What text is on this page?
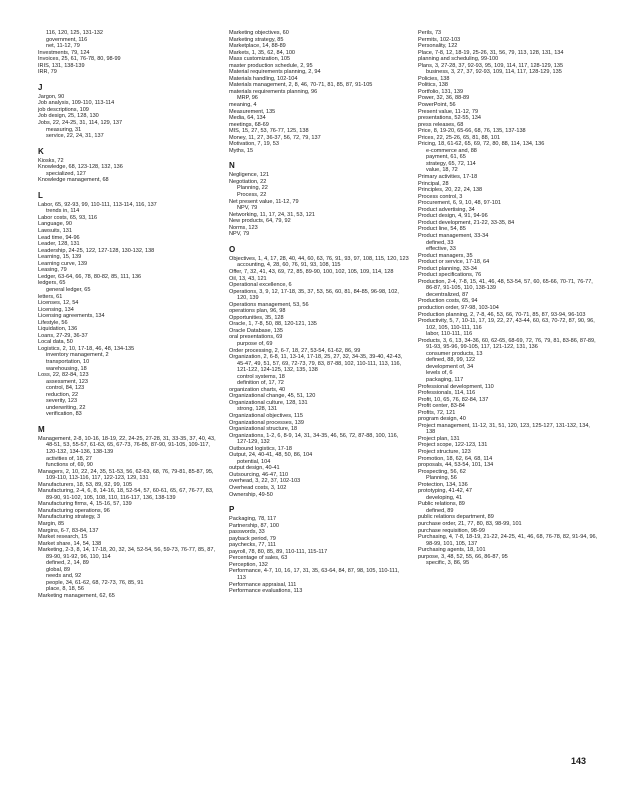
116, 120, 125, 131-132
government, 116
net, 11-12, 79
Investments, 79, 124
Invoices, 25, 61, 76-78, 80, 98-99
IRIS, 131, 138-139
IRR, 79
J
Jargon, 90
Job analysis, 109-110, 113-114
job descriptions, 109
Job design, 25, 128, 130
Jobs, 22, 24-25, 31, 114, 129, 137
measuring, 31
service, 22, 24, 31, 137
K
Kiosks, 72
Knowledge, 68, 123-128, 132, 136
specialized, 127
Knowledge management, 68
L
Labor, 65, 92-93, 99, 110-111, 113-114, 116, 137
trends in, 114
Labor costs, 65, 93, 116
Language, 90
Lawsuits, 131
Lead time, 94-96
Leader, 128, 131
Leadership, 24-25, 122, 127-128, 130-132, 138
Learning, 15, 139
Learning curve, 139
Leasing, 79
Ledger, 63-64, 66, 78, 80-82, 85, 111, 136
ledgers, 65
general ledger, 65
letters, 61
Licenses, 12, 54
Licensing, 134
Licensing agreements, 134
Lifestyle, 56
Liquidation, 136
Loans, 27-29, 36-37
Local data, 50
Logistics, 2, 10, 17-18, 46, 48, 134-135
inventory management, 2
transportation, 10
warehousing, 18
Loss, 22, 82-84, 123
assessment, 123
control, 84, 123
reduction, 22
severity, 123
underwriting, 22
verification, 83
M
Management, 2-8, 10-16, 18-19, 22, 24-25, 27-28, 31, 33-35, 37, 40, 43, 48-51, 53, 55-57, 61-63, 65, 67-73, 76-85, 87-90, 91-105, 109-117, 120-132, 134-136, 138-139
activities of, 18, 27
functions of, 69, 90
Managers, 2, 10, 22, 24, 35, 51-53, 56, 62-63, 68, 76, 79-81, 85-87, 95, 109-110, 113-116, 117, 122-123, 129, 131
Manufacturers, 18, 53, 89, 92, 99, 105
Manufacturing, 2-4, 6, 8, 14-16, 18, 52-54, 57, 60-61, 65, 67, 76-77, 83, 89-90, 91-102, 105, 108, 110, 116-117, 136, 138-139
Manufacturing firms, 4, 15-16, 57, 139
Manufacturing operations, 96
Manufacturing strategy, 3
Margin, 85
Margins, 6-7, 83-84, 137
Market research, 15
Market share, 14, 54, 138
Marketing, 2-3, 8, 14, 17-18, 20, 32, 34, 52-54, 56, 59-73, 76-77, 85, 87, 89-90, 91-92, 96, 110, 114
defined, 2, 14, 89
global, 89
needs and, 92
people, 34, 61-62, 68, 72-73, 76, 85, 91
place, 8, 18, 56
Marketing management, 62, 65
Marketing objectives, 60
Marketing strategy, 85
Marketplace, 14, 88-89
Markets, 1, 35, 62, 84, 100
Mass customization, 105
master production schedule, 2, 95
Material requirements planning, 2, 94
Materials handling, 102-104
Materials management, 2, 8, 46, 70-71, 81, 85, 87, 91-105
materials requirements planning, 96
MRP, 96
meaning, 4
Measurement, 135
Media, 64, 134
meetings, 68-69
MIS, 15, 27, 53, 76-77, 125, 138
Money, 11, 27, 36-37, 56, 72, 79, 137
Motivation, 7, 19, 53
Myths, 15
N
Negligence, 121
Negotiation, 22
Planning, 22
Process, 22
Net present value, 11-12, 79
NPV, 79
Networking, 11, 17, 24, 31, 53, 121
New products, 64, 79, 92
Norms, 123
NPV, 79
O
Objectives, 1, 4, 17, 28, 40, 44, 60, 63, 76, 91, 93, 97, 108, 115, 120, 123
accounting, 4, 28, 60, 76, 91, 93, 108, 115
Offer, 7, 32, 41, 43, 69, 72, 85, 89-90, 100, 102, 105, 109, 114, 128
Oil, 13, 43, 121
Operational excellence, 6
Operations, 3, 9, 12, 17-18, 35, 37, 53, 56, 60, 81, 84-85, 96-98, 102, 120, 139
Operations management, 53, 56
operations plan, 96, 98
Opportunities, 35, 128
Oracle, 1, 7-8, 50, 88, 120-121, 135
Oracle Database, 135
oral presentations, 69
purpose of, 69
Order processing, 2, 6-7, 18, 27, 53-54, 61-62, 86, 99
Organization, 2, 6-8, 11, 13-14, 17-18, 25, 27, 32, 34-35, 39-40, 42-43, 45-47, 49, 51, 57, 69, 72-73, 79, 83, 87-88, 102, 110-111, 113, 116, 121-122, 124-125, 132, 135, 138
control systems, 18
definition of, 17, 72
organization charts, 40
Organizational change, 45, 51, 120
Organizational culture, 128, 131
strong, 128, 131
Organizational objectives, 115
Organizational processes, 139
Organizational structure, 18
Organizations, 1-2, 6, 8-9, 14, 31, 34-35, 46, 56, 72, 87-88, 100, 116, 127-129, 132
Outbound logistics, 17-18
Output, 24, 40-41, 48, 50, 86, 104
potential, 104
output design, 40-41
Outsourcing, 46-47, 110
overhead, 3, 22, 37, 102-103
Overhead costs, 3, 102
Ownership, 49-50
P
Packaging, 78, 117
Partnership, 87, 100
passwords, 33
payback period, 79
paychecks, 77, 111
payroll, 78, 80, 85, 89, 110-111, 115-117
Percentage of sales, 63
Perception, 132
Performance, 4-7, 10, 16, 17, 31, 35, 63-64, 84, 87, 98, 105, 110-111, 113
Performance appraisal, 111
Performance evaluations, 113
Perils, 73
Permits, 102-103
Personality, 122
Place, 7-8, 12, 18-19, 25-26, 31, 56, 79, 113, 128, 131, 134
planning and scheduling, 99-100
Plans, 3, 27-28, 37, 92-93, 95, 109, 114, 117, 128-129, 135
business, 3, 27, 37, 92-93, 109, 114, 117, 128-129, 135
Policies, 138
Politics, 138
Portfolio, 131, 139
Power, 32, 36, 88-89
PowerPoint, 56
Present value, 11-12, 79
presentations, 52-55, 134
press releases, 68
Price, 8, 19-20, 65-66, 68, 76, 135, 137-138
Prices, 22, 25-26, 65, 81, 88, 101
Pricing, 18, 61-62, 65, 69, 72, 80, 88, 114, 134, 136
e-commerce and, 88
payment, 61, 65
strategy, 65, 72, 114
value, 18, 72
Primary activities, 17-18
Principal, 28
Principles, 20, 22, 24, 138
Process control, 3
Procurement, 6, 9, 10, 48, 97-101
Product advertising, 34
Product design, 4, 91, 94-96
Product development, 21-22, 33-35, 84
Product line, 54, 85
Product management, 33-34
defined, 33
effective, 33
Product managers, 35
Product or service, 17-18, 64
Product planning, 33-34
Product specifications, 76
Production, 2-4, 7-8, 15, 41, 46, 48, 53-54, 57, 60, 65-66, 70-71, 76-77, 86-87, 91-105, 110, 138-139
decentralized, 87
Production costs, 65, 94
production order, 97-98, 103-104
Production planning, 2, 7-8, 46, 53, 66, 70-71, 85, 87, 93-94, 96-103
Productivity, 5, 7, 10-11, 17, 19, 22, 27, 43-44, 60, 63, 70-72, 87, 90, 96, 102, 105, 110-111, 116
labor, 110-111, 116
Products, 3, 6, 13, 34-36, 60, 62-65, 68-69, 72, 76, 79, 81, 83-86, 87-89, 91-93, 95-96, 99-105, 117, 121-122, 131, 136
consumer products, 13
defined, 88, 99, 122
development of, 34
levels of, 6
packaging, 117
Professional development, 110
Professionals, 114, 116
Profit, 10, 65, 76, 82-84, 137
Profit center, 83-84
Profits, 72, 121
program design, 40
Project management, 11-12, 31, 51, 120, 123, 125-127, 131-132, 134, 138
Project plan, 131
Project scope, 122-123, 131
Project structure, 123
Promotion, 18, 62, 64, 68, 114
proposals, 44, 53-54, 101, 134
Prospecting, 56, 62
Planning, 56
Protection, 134, 136
prototyping, 41-42, 47
developing, 41
Public relations, 89
defined, 89
public relations department, 89
purchase order, 21, 77, 80, 83, 98-99, 101
purchase requisition, 98-99
Purchasing, 4, 7-8, 18-19, 21-22, 24-25, 41, 46, 68, 76-78, 82, 91-94, 96, 98-99, 101, 105, 137
Purchasing agents, 18, 101
purpose, 3, 48, 52, 55, 66, 86-87, 95
specific, 3, 86, 95
143
